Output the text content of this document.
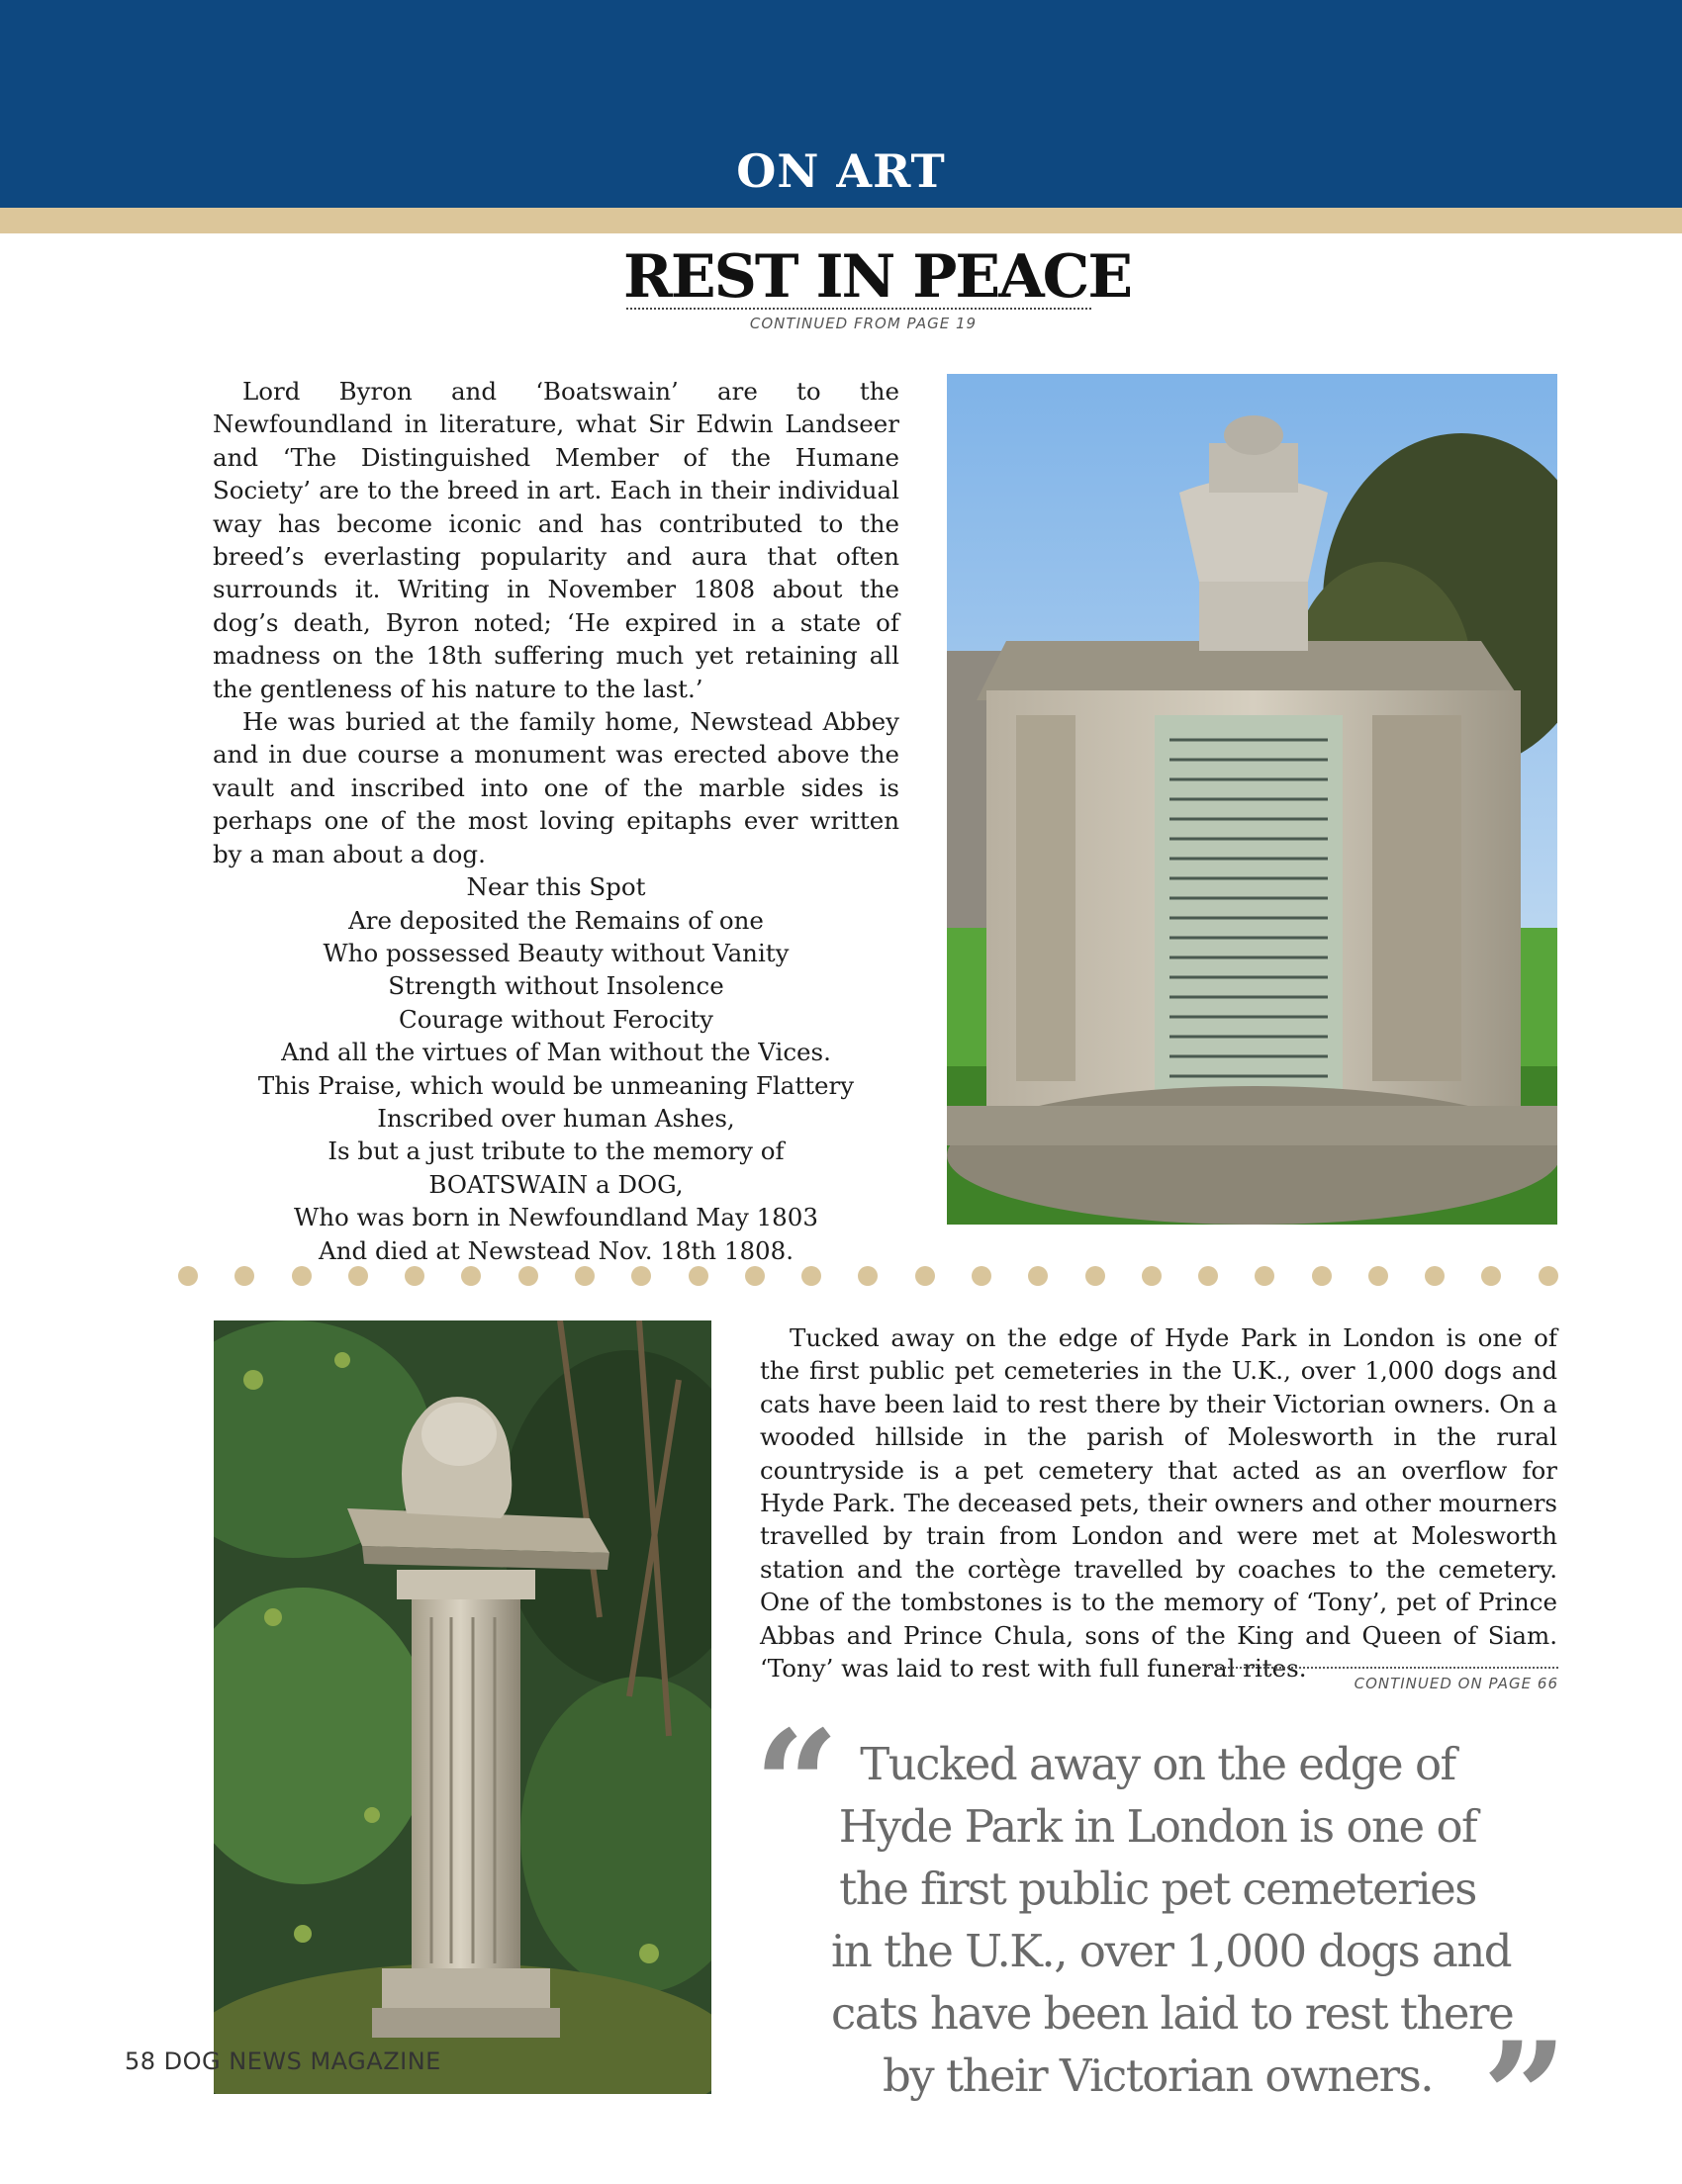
ON ART
REST IN PEACE
CONTINUED FROM PAGE 19

Lord Byron and ‘Boatswain’ are to the Newfoundland in literature, what Sir Edwin Landseer and ‘The Distinguished Member of the Humane Society’ are to the breed in art. Each in their individual way has become iconic and has contributed to the breed’s everlasting popularity and aura that often surrounds it. Writing in November 1808 about the dog’s death, Byron noted; ‘He expired in a state of madness on the 18th suffering much yet retaining all the gentleness of his nature to the last.’

He was buried at the family home, Newstead Abbey and in due course a monument was erected above the vault and inscribed into one of the marble sides is perhaps one of the most loving epitaphs ever written by a man about a dog.

Near this Spot
Are deposited the Remains of one
Who possessed Beauty without Vanity
Strength without Insolence
Courage without Ferocity
And all the virtues of Man without the Vices.
This Praise, which would be unmeaning Flattery
Inscribed over human Ashes,
Is but a just tribute to the memory of
BOATSWAIN a DOG,
Who was born in Newfoundland May 1803
And died at Newstead Nov. 18th 1808.

Tucked away on the edge of Hyde Park in London is one of the first public pet cemeteries in the U.K., over 1,000 dogs and cats have been laid to rest there by their Victorian owners. On a wooded hillside in the parish of Molesworth in the rural countryside is a pet cemetery that acted as an overflow for Hyde Park. The deceased pets, their owners and other mourners travelled by train from London and were met at Molesworth station and the cortège travelled by coaches to the cemetery. One of the tombstones is to the memory of ‘Tony’, pet of Prince Abbas and Prince Chula, sons of the King and Queen of Siam. ‘Tony’ was laid to rest with full funeral rites.

CONTINUED ON PAGE 66
“ Tucked away on the edge of
Hyde Park in London is one of
the first public pet cemeteries
in the U.K., over 1,000 dogs and
cats have been laid to rest there
by their Victorian owners. ”
58 DOG NEWS MAGAZINE
